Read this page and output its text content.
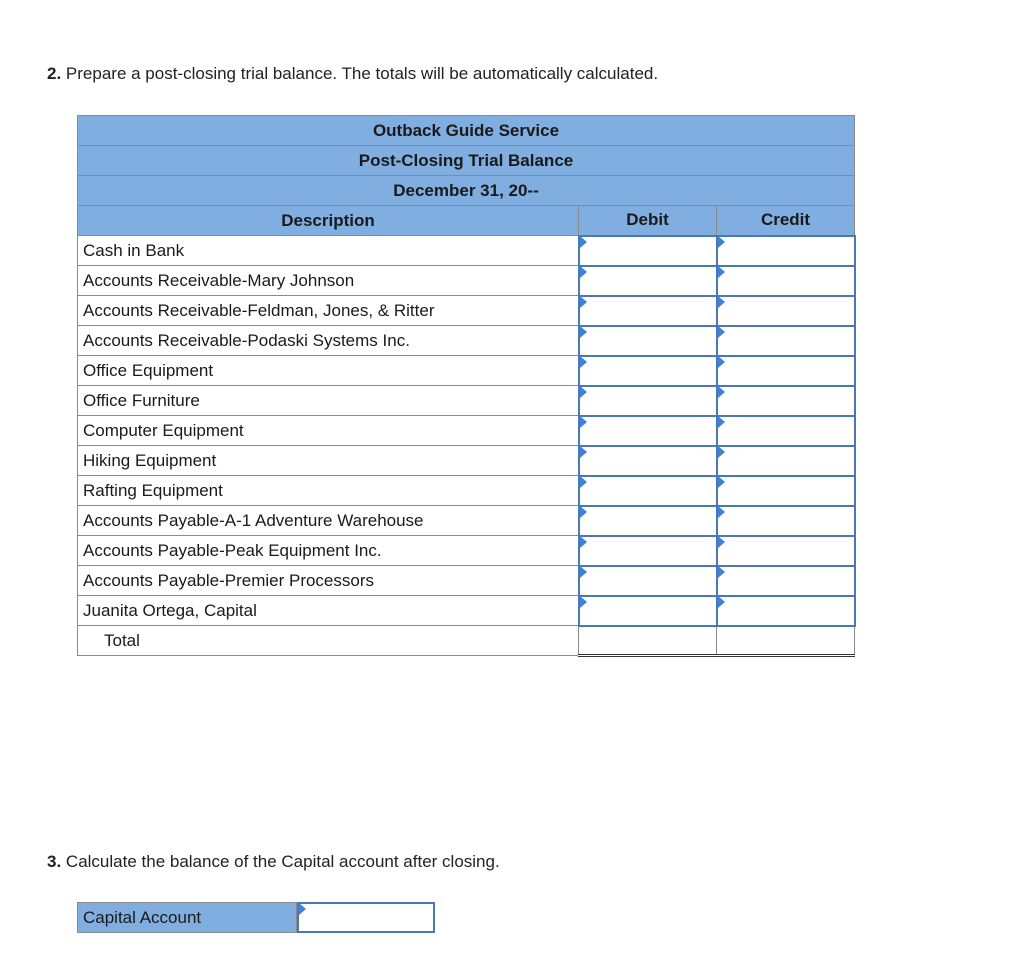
2. Prepare a post-closing trial balance. The totals will be automatically calculated.
Outback Guide Service		
Post-Closing Trial Balance		
December 31, 20--		
Description	Debit	Credit
Cash in Bank	

Accounts Receivable-Mary Johnson	

Accounts Receivable-Feldman, Jones, & Ritter	

Accounts Receivable-Podaski Systems Inc.	

Office Equipment	

Office Furniture	

Computer Equipment	

Hiking Equipment	

Rafting Equipment	

Accounts Payable-A-1 Adventure Warehouse	

Accounts Payable-Peak Equipment Inc.	

Accounts Payable-Premier Processors	

Juanita Ortega, Capital	

Total		
3. Calculate the balance of the Capital account after closing.
Capital Account
